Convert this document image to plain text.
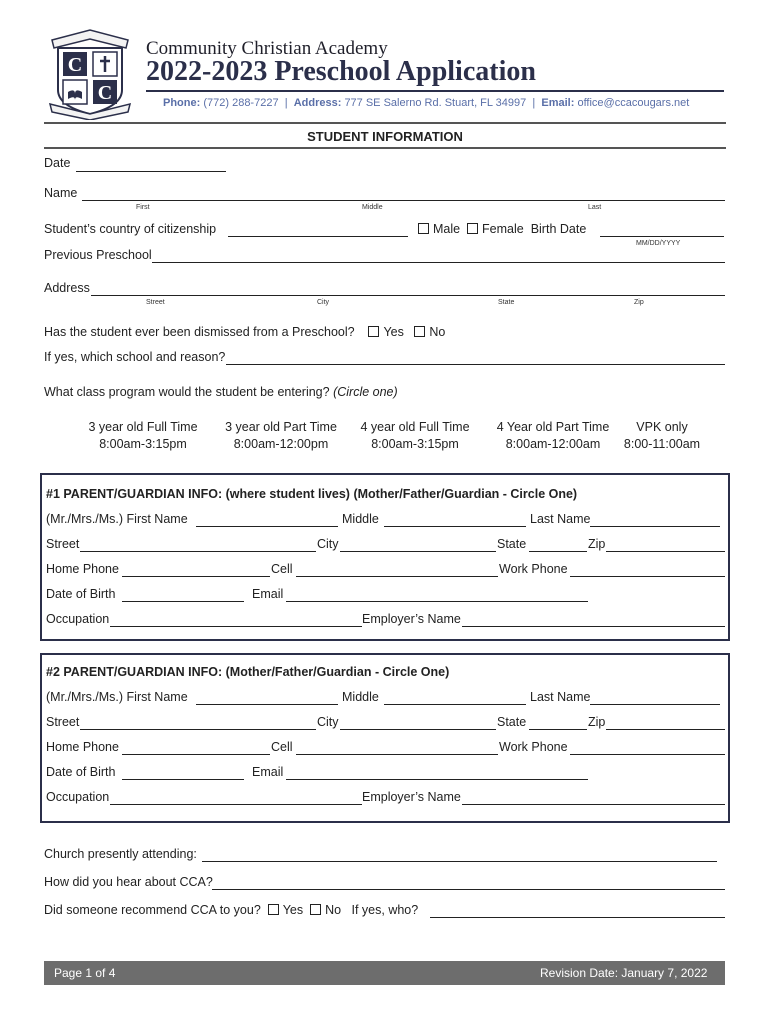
C
C
Community Christian Academy
2022-2023 Preschool Application
Phone: (772) 288-7227 | Address: 777 SE Salerno Rd. Stuart, FL 34997 | Email: office@ccacougars.net
STUDENT INFORMATION
Date
Name
First	Middle	Last
Student’s country of citizenship	Male Female Birth Date
MM/DD/YYYY
Previous Preschool
Address
Street	City	State	Zip
Has the student ever been dismissed from a Preschool? Yes No
If yes, which school and reason?
What class program would the student be entering? (Circle one)
3 year old Full Time
8:00am-3:15pm
3 year old Part Time
8:00am-12:00pm
4 year old Full Time
8:00am-3:15pm
4 Year old Part Time
8:00am-12:00am
VPK only
8:00-11:00am
#1 PARENT/GUARDIAN INFO: (where student lives) (Mother/Father/Guardian - Circle One)
(Mr./Mrs./Ms.) First Name	Middle	Last Name
Street	City	State	Zip
Home Phone	Cell	Work Phone
Date of Birth	Email
Occupation	Employer’s Name
#2 PARENT/GUARDIAN INFO: (Mother/Father/Guardian - Circle One)
(Mr./Mrs./Ms.) First Name	Middle	Last Name
Street	City	State	Zip
Home Phone	Cell	Work Phone
Date of Birth	Email
Occupation	Employer’s Name
Church presently attending:
How did you hear about CCA?
Did someone recommend CCA to you? Yes No If yes, who?
Page 1 of 4	Revision Date: January 7, 2022
